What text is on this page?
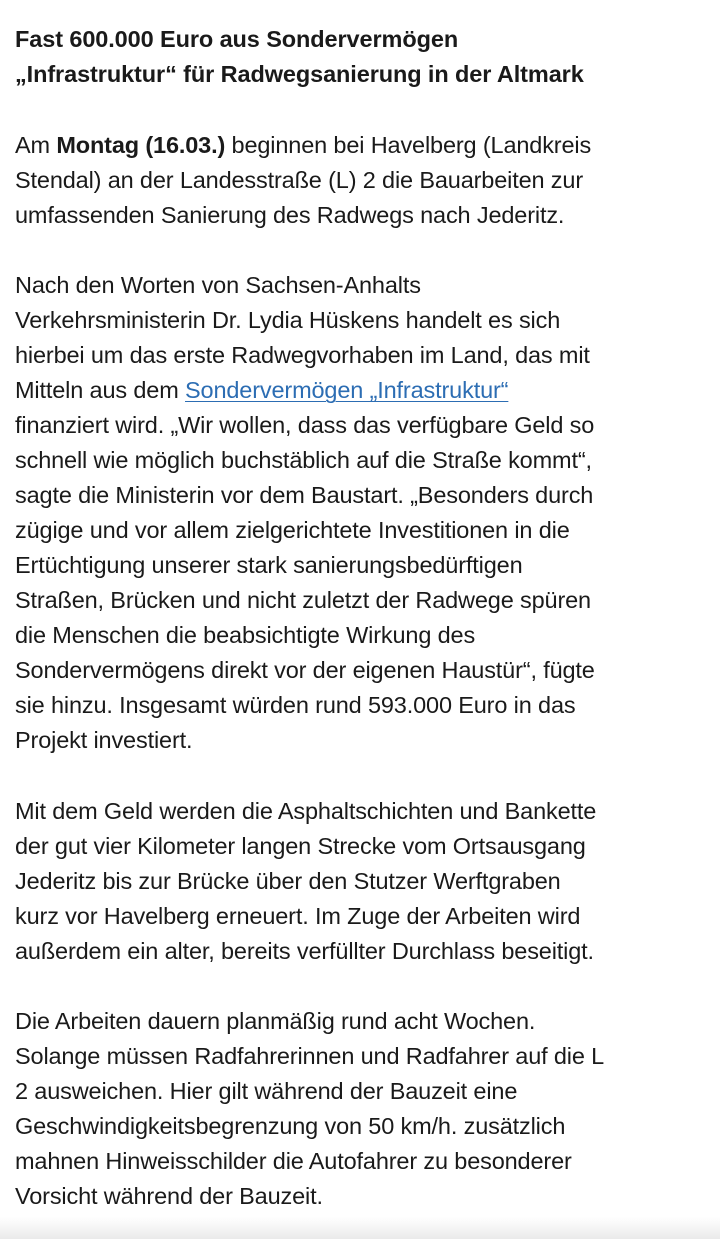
Fast 600.000 Euro aus Sondervermögen
„Infrastruktur“ für Radwegsanierung in der Altmark

Am Montag (16.03.) beginnen bei Havelberg (Landkreis
Stendal) an der Landesstraße (L) 2 die Bauarbeiten zur
umfassenden Sanierung des Radwegs nach Jederitz.

Nach den Worten von Sachsen-Anhalts
Verkehrsministerin Dr. Lydia Hüskens handelt es sich
hierbei um das erste Radwegvorhaben im Land, das mit
Mitteln aus dem Sondervermögen „Infrastruktur“
finanziert wird. „Wir wollen, dass das verfügbare Geld so
schnell wie möglich buchstäblich auf die Straße kommt“,
sagte die Ministerin vor dem Baustart. „Besonders durch
zügige und vor allem zielgerichtete Investitionen in die
Ertüchtigung unserer stark sanierungsbedürftigen
Straßen, Brücken und nicht zuletzt der Radwege spüren
die Menschen die beabsichtigte Wirkung des
Sondervermögens direkt vor der eigenen Haustür“, fügte
sie hinzu. Insgesamt würden rund 593.000 Euro in das
Projekt investiert.

Mit dem Geld werden die Asphaltschichten und Bankette
der gut vier Kilometer langen Strecke vom Ortsausgang
Jederitz bis zur Brücke über den Stutzer Werftgraben
kurz vor Havelberg erneuert. Im Zuge der Arbeiten wird
außerdem ein alter, bereits verfüllter Durchlass beseitigt.

Die Arbeiten dauern planmäßig rund acht Wochen.
Solange müssen Radfahrerinnen und Radfahrer auf die L
2 ausweichen. Hier gilt während der Bauzeit eine
Geschwindigkeitsbegrenzung von 50 km/h. zusätzlich
mahnen Hinweisschilder die Autofahrer zu besonderer
Vorsicht während der Bauzeit.
